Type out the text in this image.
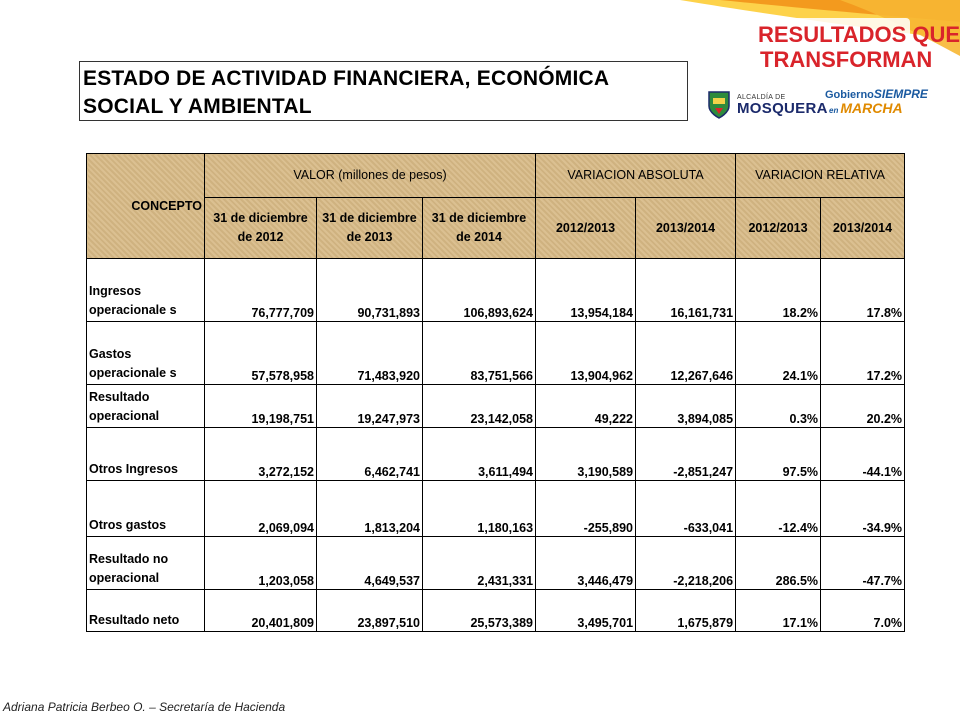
RESULTADOS QUE
TRANSFORMAN
ALCALDÍA DE
MOSQUERA
GobiernoSIEMPRE
en MARCHA
ESTADO DE ACTIVIDAD FINANCIERA, ECONÓMICA
SOCIAL Y AMBIENTAL
CONCEPTO	VALOR (millones de pesos)			VARIACION ABSOLUTA		VARIACION RELATIVA	
	31 de diciembre de 2012	31 de diciembre de 2013	31 de diciembre de 2014	2012/2013	2013/2014	2012/2013	2013/2014
Ingresos operacionale s	76,777,709	90,731,893	106,893,624	13,954,184	16,161,731	18.2%	17.8%
Gastos operacionale s	57,578,958	71,483,920	83,751,566	13,904,962	12,267,646	24.1%	17.2%
Resultado operacional	19,198,751	19,247,973	23,142,058	49,222	3,894,085	0.3%	20.2%
Otros Ingresos	3,272,152	6,462,741	3,611,494	3,190,589	-2,851,247	97.5%	-44.1%
Otros gastos	2,069,094	1,813,204	1,180,163	-255,890	-633,041	-12.4%	-34.9%
Resultado no operacional	1,203,058	4,649,537	2,431,331	3,446,479	-2,218,206	286.5%	-47.7%
Resultado neto	20,401,809	23,897,510	25,573,389	3,495,701	1,675,879	17.1%	7.0%
Adriana Patricia Berbeo O. – Secretaría de Hacienda
